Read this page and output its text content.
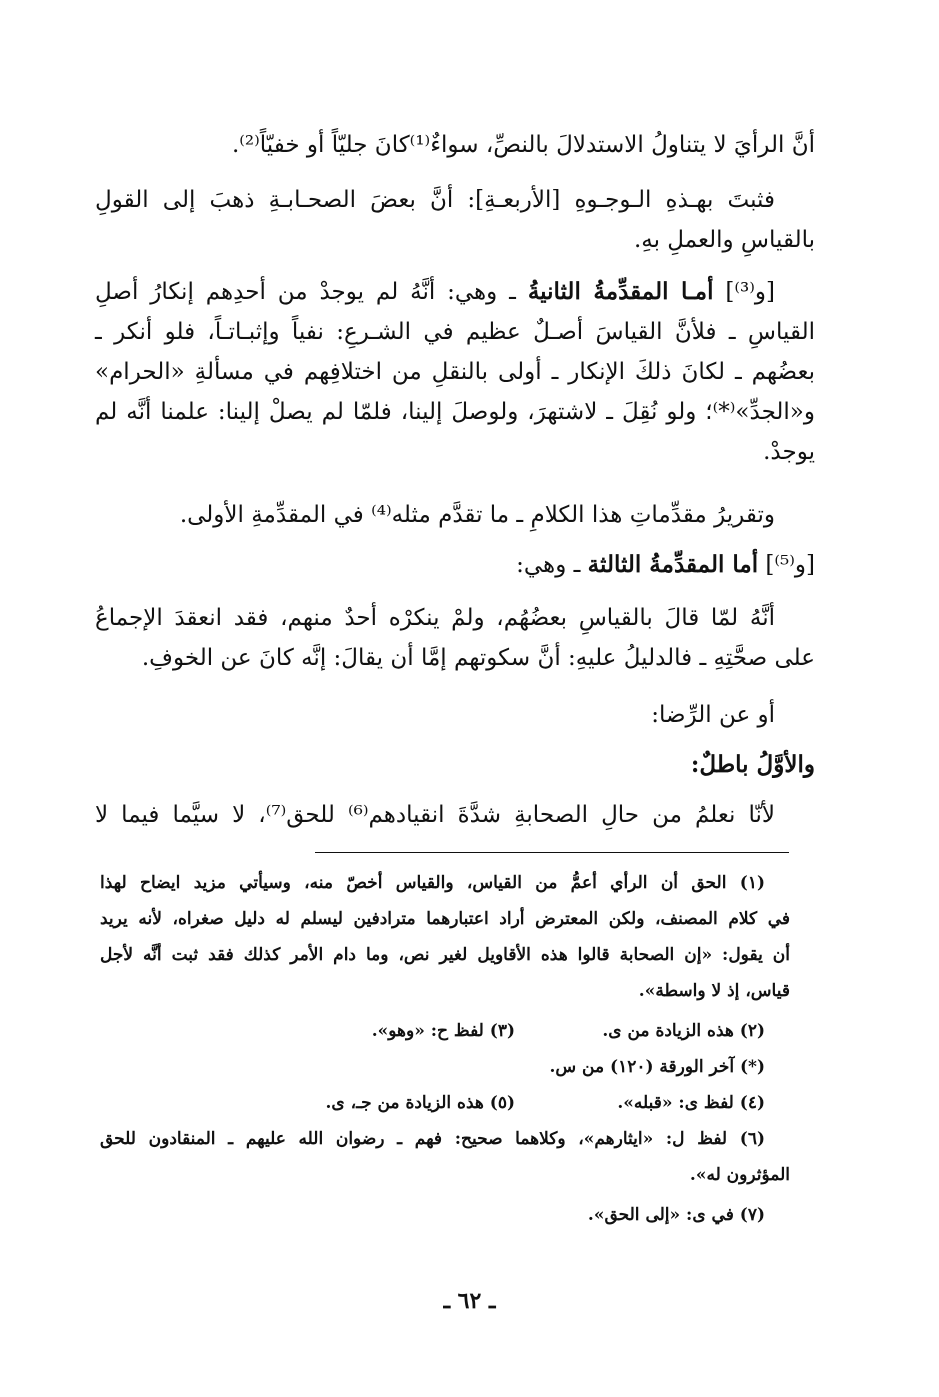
أنَّ الرأيَ لا يتناولُ الاستدلالَ بالنصِّ، سواءٌ⁽¹⁾كانَ جليّاً أو خفيّاً⁽²⁾.

فثبتَ بهـذهِ الـوجـوهِ [الأربعـةِ]: أنَّ بعضَ الصحـابـةِ ذهبَ إلى القولِ

بالقياسِ والعملِ بهِ.

[و⁽³⁾] أمـا المقدِّمةُ الثانيةُ ـ وهي: أنَّهُ لم يوجدْ من أحدِهم إنكارُ أصلِ

القياسِ ـ فلأنَّ القياسَ أصـلٌ عظيم في الشـرعِ: نفياً وإثبـاتـاً، فلو أنكر ـ

بعضُهم ـ لكانَ ذلكَ الإنكار ـ أولى بالنقلِ من اختلافِهم في مسألةِ «الحرام»

و«الجدِّ»⁽*⁾؛ ولو نُقِلَ ـ لاشتهرَ، ولوصلَ إلينا، فلمّا لم يصلْ إلينا: علمنا أنَّه لم

يوجدْ.

وتقريرُ مقدِّماتِ هذا الكلامِ ـ ما تقدَّم مثله⁽⁴⁾ في المقدِّمةِ الأولى.

[و⁽⁵⁾] أما المقدِّمةُ الثالثة ـ وهي:

أنَّهُ لمّا قالَ بالقياسِ بعضُهُم، ولمْ ينكرْه أحدٌ منهم، فقد انعقدَ الإجماعُ

على صحَّتِهِ ـ فالدليلُ عليهِ: أنَّ سكوتهم إمَّا أن يقالَ: إنَّه كانَ عن الخوفِ.

أو عن الرِّضا:

والأوَّلُ باطلٌ:

لأنّا نعلمُ من حالِ الصحابةِ شدَّةَ انقيادهم⁽⁶⁾ للحق⁽⁷⁾، لا سيَّما فيما لا

(١) الحق أن الرأي أعمُّ من القياس، والقياس أخصّ منه، وسيأتي مزيد ايضاح لهذا
في كلام المصنف، ولكن المعترض أراد اعتبارهما مترادفين ليسلم له دليل صغراه، لأنه يريد
أن يقول: «إن الصحابة قالوا هذه الأقاويل لغير نص، وما دام الأمر كذلك فقد ثبت أنَّه لأجل
قياس، إذ لا واسطة».
(٢) هذه الزيادة من ى.
(٣) لفظ ح: «وهو».
(*) آخر الورقة (١٢٠) من س.
(٤) لفظ ى: «قبله».
(٥) هذه الزيادة من جـ، ى.
(٦) لفظ ل: «ايثارهم»، وكلاهما صحيح: فهم ـ رضوان الله عليهم ـ المنقادون للحق
المؤثرون له».
(٧) في ى: «إلى الحق».
ـ ٦٢ ـ
